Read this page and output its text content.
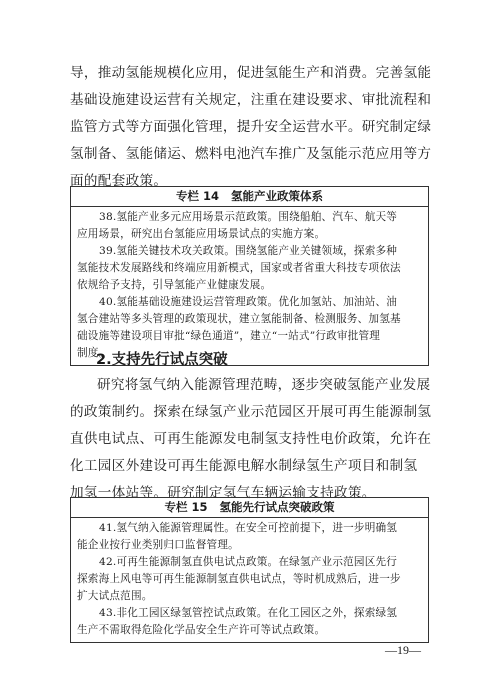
导，推动氢能规模化应用，促进氢能生产和消费。完善氢能
基础设施建设运营有关规定，注重在建设要求、审批流程和
监管方式等方面强化管理，提升安全运营水平。研究制定绿
氢制备、氢能储运、燃料电池汽车推广及氢能示范应用等方
面的配套政策。
专栏 14 氢能产业政策体系
38.氢能产业多元应用场景示范政策。围绕船舶、汽车、航天等
应用场景，研究出台氢能应用场景试点的实施方案。
39.氢能关键技术攻关政策。围绕氢能产业关键领域，探索多种
氢能技术发展路线和终端应用新模式，国家或者省重大科技专项依法
依规给予支持，引导氢能产业健康发展。
40.氢能基础设施建设运营管理政策。优化加氢站、加油站、油
氢合建站等多头管理的政策现状，建立氢能制备、检测服务、加氢基
础设施等建设项目审批“绿色通道”，建立“一站式”行政审批管理
制度。
2.支持先行试点突破
研究将氢气纳入能源管理范畴，逐步突破氢能产业发展
的政策制约。探索在绿氢产业示范园区开展可再生能源制氢
直供电试点、可再生能源发电制氢支持性电价政策，允许在
化工园区外建设可再生能源电解水制绿氢生产项目和制氢
加氢一体站等。研究制定氢气车辆运输支持政策。
专栏 15 氢能先行试点突破政策
41.氢气纳入能源管理属性。在安全可控前提下，进一步明确氢
能企业按行业类别归口监督管理。
42.可再生能源制氢直供电试点政策。在绿氢产业示范园区先行
探索海上风电等可再生能源制氢直供电试点，等时机成熟后，进一步
扩大试点范围。
43.非化工园区绿氢管控试点政策。在化工园区之外，探索绿氢
生产不需取得危险化学品安全生产许可等试点政策。
—19—
